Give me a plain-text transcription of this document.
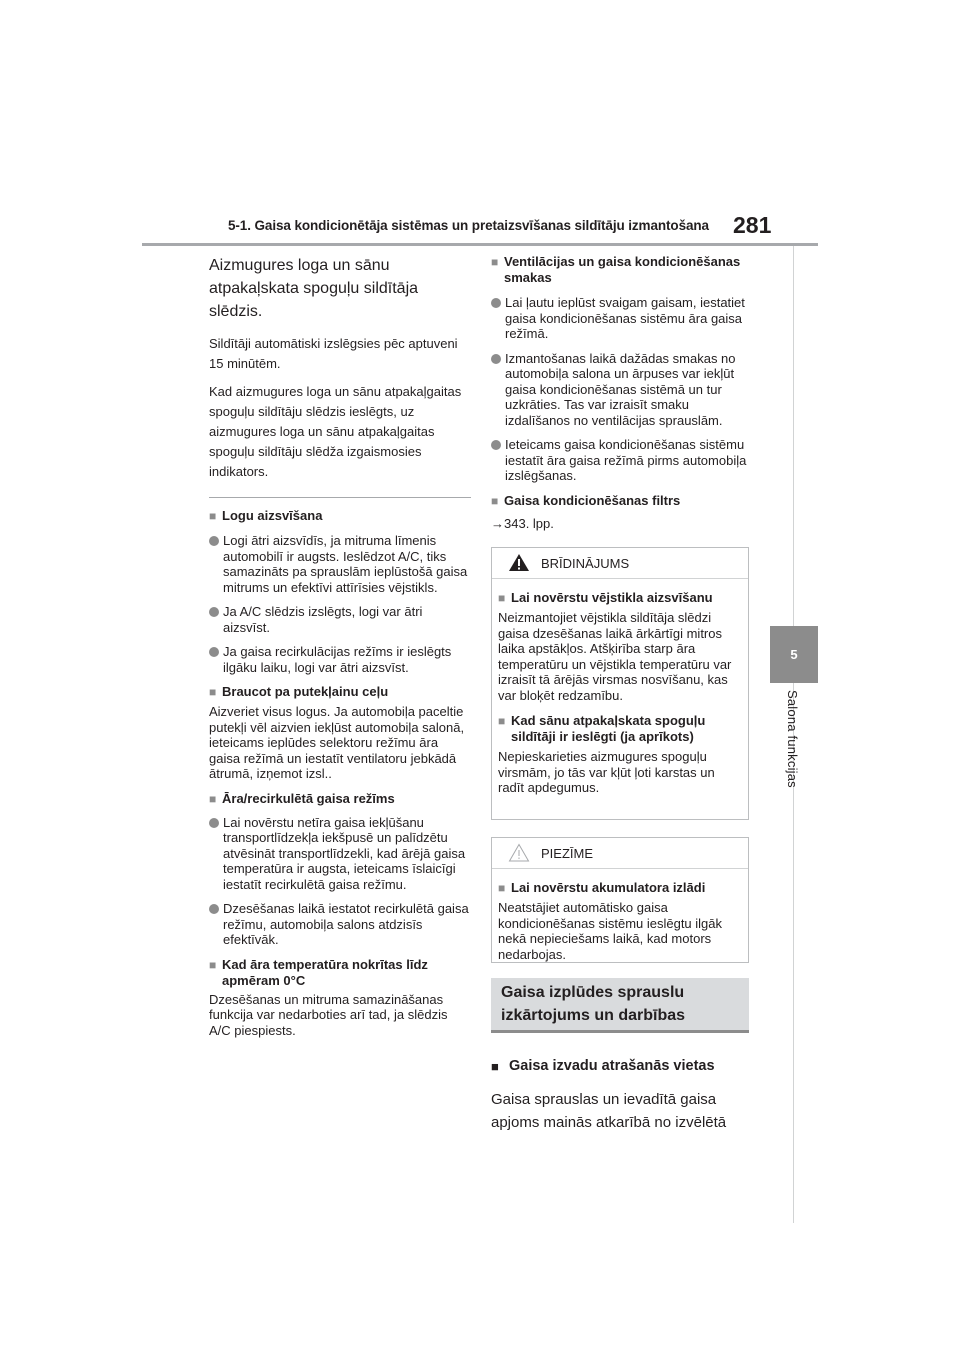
5-1. Gaisa kondicionētāja sistēmas un pretaizsvīšanas sildītāju izmantošana 281
5
Salona funkcijas

Aizmugures loga un sānu atpakaļskata spoguļu sildītāja slēdzis.

Sildītāji automātiski izslēgsies pēc aptuveni 15 minūtēm.

Kad aizmugures loga un sānu atpakaļgaitas spoguļu sildītāju slēdzis ieslēgts, uz aizmugures loga un sānu atpakaļgaitas spoguļu sildītāju slēdža izgaismosies indikators.

■ Logu aizsvīšana

Logi ātri aizsvīdīs, ja mitruma līmenis automobilī ir augsts. Ieslēdzot A/C, tiks samazināts pa sprauslām ieplūstošā gaisa mitrums un efektīvi attīrīsies vējstikls.

Ja A/C slēdzis izslēgts, logi var ātri aizsvīst.

Ja gaisa recirkulācijas režīms ir ieslēgts ilgāku laiku, logi var ātri aizsvīst.

■ Braucot pa putekļainu ceļu

Aizveriet visus logus. Ja automobiļa paceltie putekļi vēl aizvien iekļūst automobiļa salonā, ieteicams ieplūdes selektoru režīmu āra gaisa režīmā un iestatīt ventilatoru jebkādā ātrumā, izņemot izsl..

■ Āra/recirkulētā gaisa režīms

Lai novērstu netīra gaisa iekļūšanu transportlīdzekļa iekšpusē un palīdzētu atvēsināt transportlīdzekli, kad ārējā gaisa temperatūra ir augsta, ieteicams īslaicīgi iestatīt recirkulētā gaisa režīmu.

Dzesēšanas laikā iestatot recirkulētā gaisa režīmu, automobiļa salons atdzisīs efektīvāk.

■ Kad āra temperatūra nokrītas līdz apmēram 0°C

Dzesēšanas un mitruma samazināšanas funkcija var nedarboties arī tad, ja slēdzis A/C piespiests.

■ Ventilācijas un gaisa kondicionēšanas smakas

Lai ļautu ieplūst svaigam gaisam, iestatiet gaisa kondicionēšanas sistēmu āra gaisa režīmā.

Izmantošanas laikā dažādas smakas no automobiļa salona un ārpuses var iekļūt gaisa kondicionēšanas sistēmā un tur uzkrāties. Tas var izraisīt smaku izdalīšanos no ventilācijas sprauslām.

Ieteicams gaisa kondicionēšanas sistēmu iestatīt āra gaisa režīmā pirms automobiļa izslēgšanas.

■ Gaisa kondicionēšanas filtrs

→343. lpp.

BRĪDINĀJUMS

■ Lai novērstu vējstikla aizsvīšanu

Neizmantojiet vējstikla sildītāja slēdzi gaisa dzesēšanas laikā ārkārtīgi mitros laika apstākļos. Atšķirība starp āra temperatūru un vējstikla temperatūru var izraisīt tā ārējās virsmas nosvīšanu, kas var bloķēt redzamību.

■ Kad sānu atpakaļskata spoguļu sildītāji ir ieslēgti (ja aprīkots)

Nepieskarieties aizmugures spoguļu virsmām, jo tās var kļūt ļoti karstas un radīt apdegumus.

PIEZĪME

■ Lai novērstu akumulatora izlādi

Neatstājiet automātisko gaisa kondicionēšanas sistēmu ieslēgtu ilgāk nekā nepieciešams laikā, kad motors nedarbojas.

Gaisa izplūdes sprauslu izkārtojums un darbības

■ Gaisa izvadu atrašanās vietas

Gaisa sprauslas un ievadītā gaisa apjoms mainās atkarībā no izvēlētā
